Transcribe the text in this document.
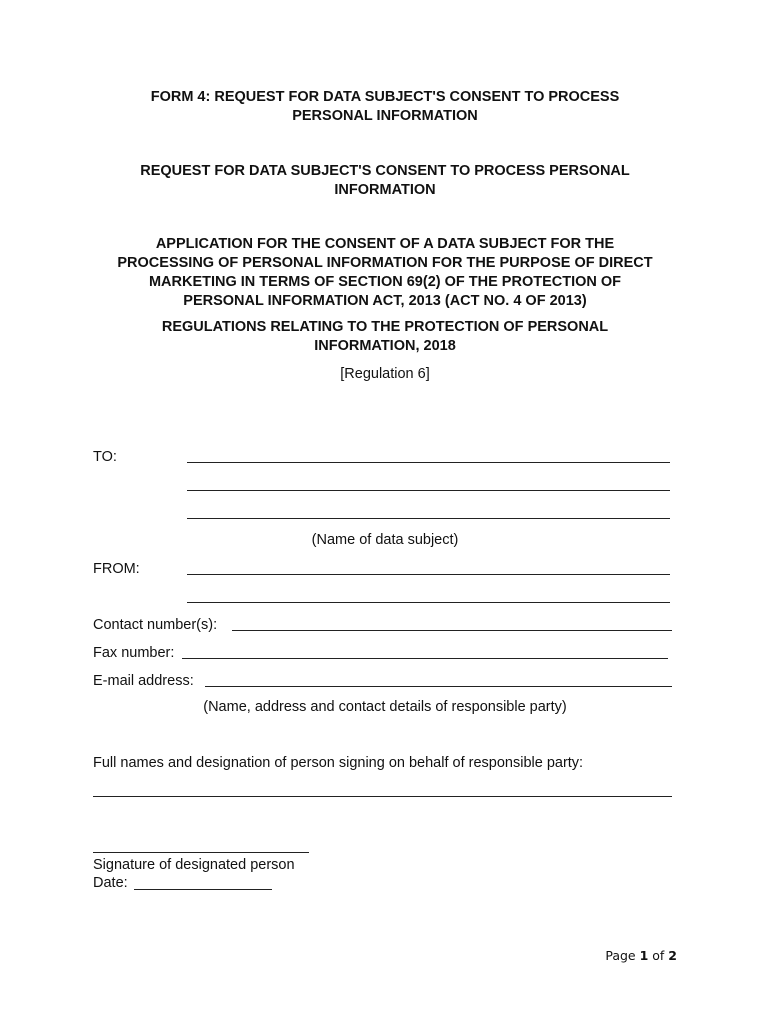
FORM 4: REQUEST FOR DATA SUBJECT'S CONSENT TO PROCESS
PERSONAL INFORMATION
REQUEST FOR DATA SUBJECT'S CONSENT TO PROCESS PERSONAL
INFORMATION
APPLICATION FOR THE CONSENT OF A DATA SUBJECT FOR THE
PROCESSING OF PERSONAL INFORMATION FOR THE PURPOSE OF DIRECT
MARKETING IN TERMS OF SECTION 69(2) OF THE PROTECTION OF
PERSONAL INFORMATION ACT, 2013 (ACT NO. 4 OF 2013)
REGULATIONS RELATING TO THE PROTECTION OF PERSONAL
INFORMATION, 2018
[Regulation 6]
TO:
(Name of data subject)
FROM:
Contact number(s):
Fax number:
E-mail address:
(Name, address and contact details of responsible party)
Full names and designation of person signing on behalf of responsible party:
Signature of designated person
Date:
Page 1 of 2
